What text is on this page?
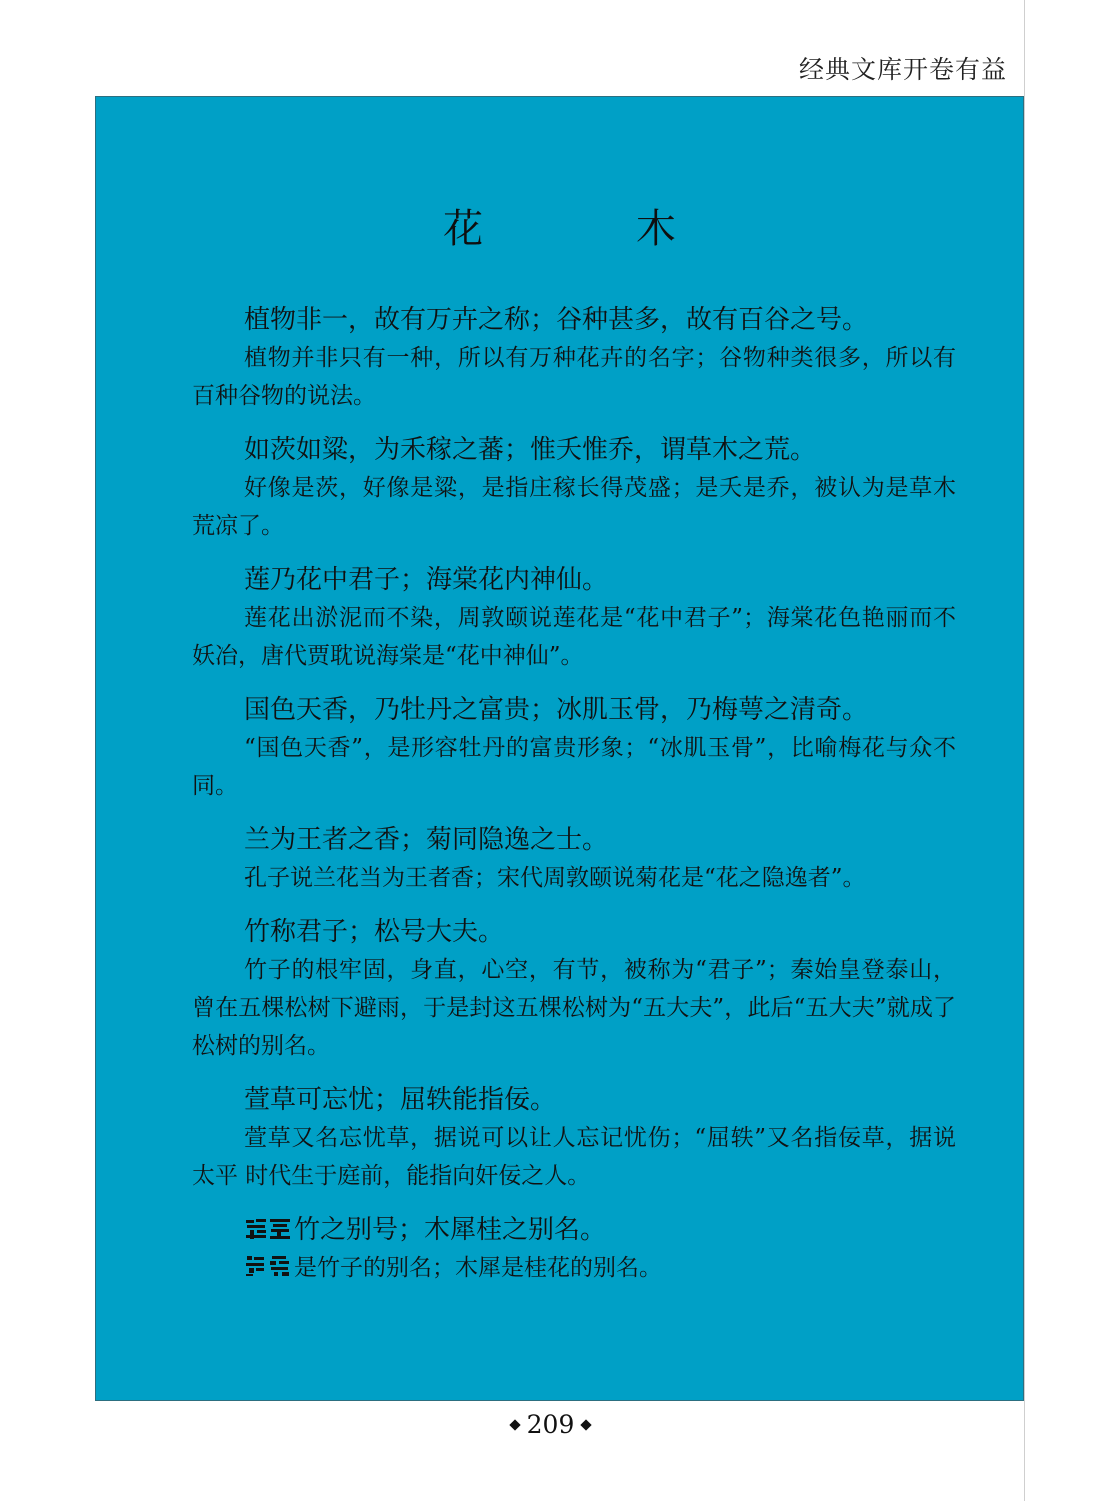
经典文库开卷有益
花 木

植物非一，故有万卉之称；谷种甚多，故有百谷之号。

植物并非只有一种，所以有万种花卉的名字；谷物种类很多，所以有百种谷物的说法。

如茨如粱，为禾稼之蕃；惟夭惟乔，谓草木之荒。

好像是茨，好像是粱，是指庄稼长得茂盛；是夭是乔，被认为是草木荒凉了。

莲乃花中君子；海棠花内神仙。

莲花出淤泥而不染，周敦颐说莲花是“花中君子”；海棠花色艳丽而不妖冶，唐代贾耽说海棠是“花中神仙”。

国色天香，乃牡丹之富贵；冰肌玉骨，乃梅萼之清奇。

“国色天香”，是形容牡丹的富贵形象；“冰肌玉骨”，比喻梅花与众不同。

兰为王者之香；菊同隐逸之士。

孔子说兰花当为王者香；宋代周敦颐说菊花是“花之隐逸者”。

竹称君子；松号大夫。

竹子的根牢固，身直，心空，有节，被称为“君子”；秦始皇登泰山，曾在五棵松树下避雨，于是封这五棵松树为“五大夫”，此后“五大夫”就成了松树的别名。

萱草可忘忧；屈轶能指佞。

萱草又名忘忧草，据说可以让人忘记忧伤；“屈轶”又名指佞草，据说太平 时代生于庭前，能指向奸佞之人。

竹之别号；木犀桂之别名。

是竹子的别名；木犀是桂花的别名。

209
